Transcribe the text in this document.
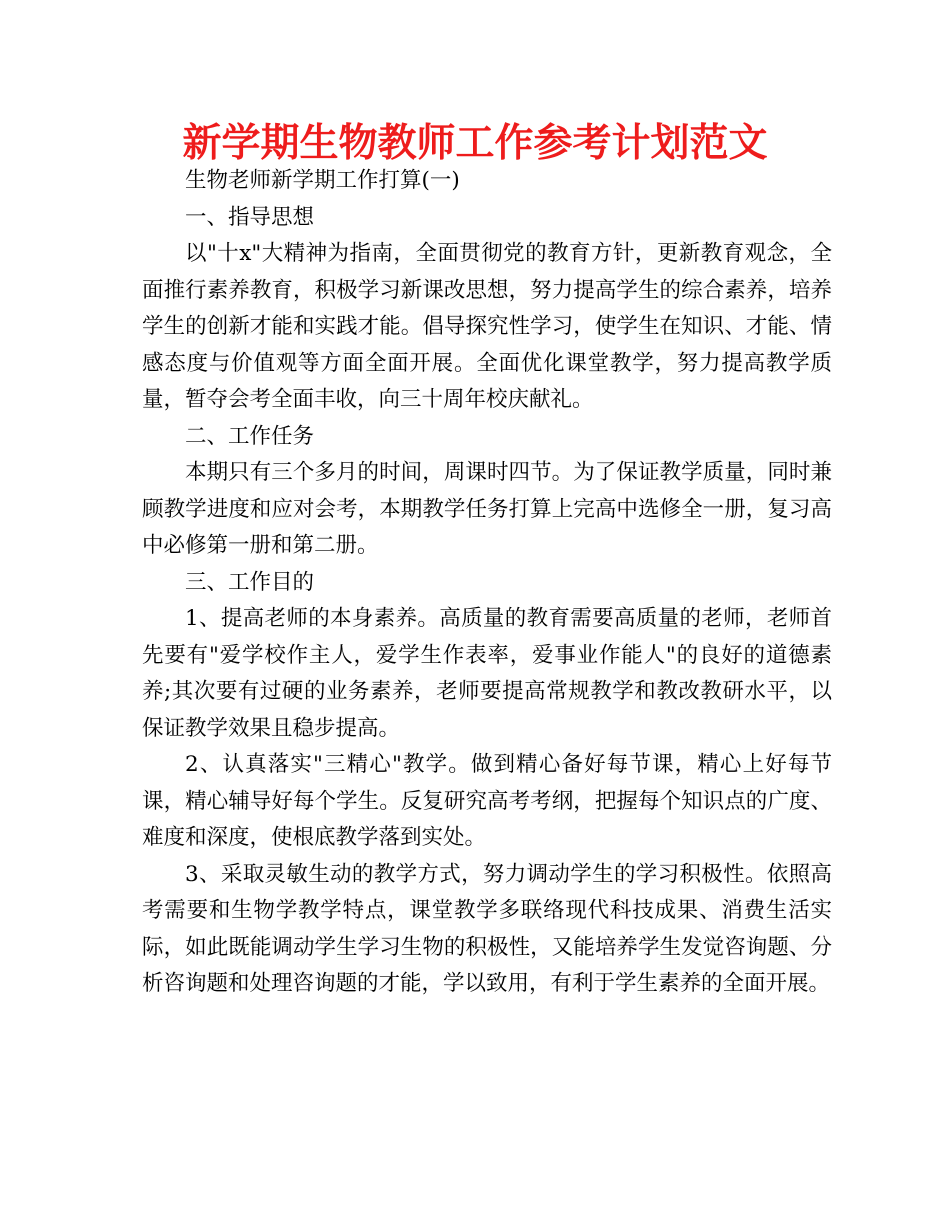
新学期生物教师工作参考计划范文

生物老师新学期工作打算(一)

一、指导思想

以"十x"大精神为指南，全面贯彻党的教育方针，更新教育观念，全面推行素养教育，积极学习新课改思想，努力提高学生的综合素养，培养学生的创新才能和实践才能。倡导探究性学习，使学生在知识、才能、情感态度与价值观等方面全面开展。全面优化课堂教学，努力提高教学质量，暂夺会考全面丰收，向三十周年校庆献礼。

二、工作任务

本期只有三个多月的时间，周课时四节。为了保证教学质量，同时兼顾教学进度和应对会考，本期教学任务打算上完高中选修全一册，复习高中必修第一册和第二册。

三、工作目的

1、提高老师的本身素养。高质量的教育需要高质量的老师，老师首先要有"爱学校作主人，爱学生作表率，爱事业作能人"的良好的道德素养;其次要有过硬的业务素养，老师要提高常规教学和教改教研水平，以保证教学效果且稳步提高。

2、认真落实"三精心"教学。做到精心备好每节课，精心上好每节课，精心辅导好每个学生。反复研究高考考纲，把握每个知识点的广度、难度和深度，使根底教学落到实处。

3、采取灵敏生动的教学方式，努力调动学生的学习积极性。依照高考需要和生物学教学特点，课堂教学多联络现代科技成果、消费生活实际，如此既能调动学生学习生物的积极性，又能培养学生发觉咨询题、分析咨询题和处理咨询题的才能，学以致用，有利于学生素养的全面开展。
